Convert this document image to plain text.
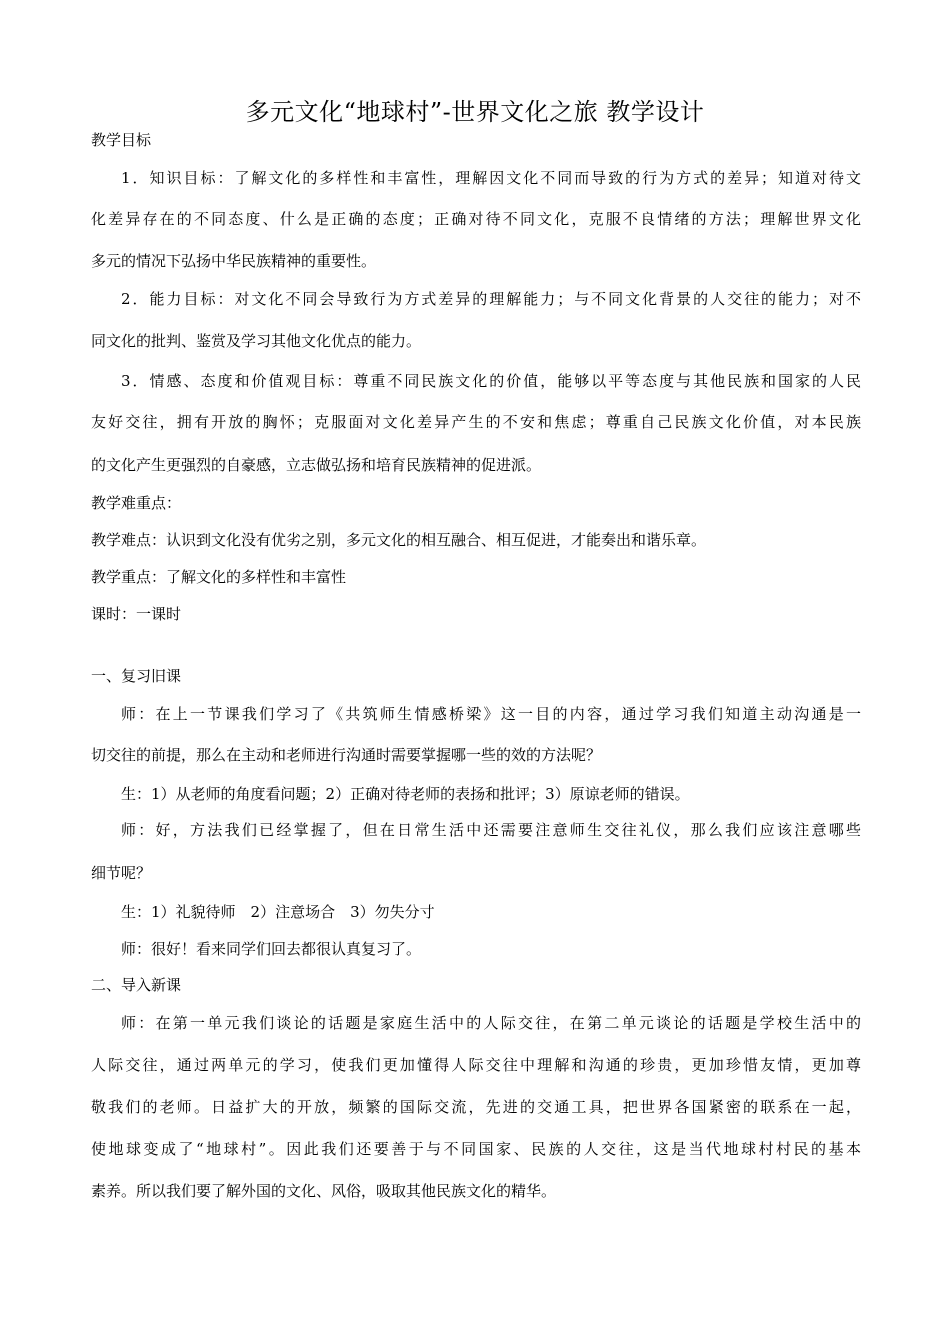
多元文化“地球村”-世界文化之旅 教学设计
教学目标
1．知识目标：了解文化的多样性和丰富性，理解因文化不同而导致的行为方式的差异；知道对待文
化差异存在的不同态度、什么是正确的态度；正确对待不同文化，克服不良情绪的方法；理解世界文化
多元的情况下弘扬中华民族精神的重要性。
2．能力目标：对文化不同会导致行为方式差异的理解能力；与不同文化背景的人交往的能力；对不
同文化的批判、鉴赏及学习其他文化优点的能力。
3．情感、态度和价值观目标：尊重不同民族文化的价值，能够以平等态度与其他民族和国家的人民
友好交往，拥有开放的胸怀；克服面对文化差异产生的不安和焦虑；尊重自己民族文化价值，对本民族
的文化产生更强烈的自豪感，立志做弘扬和培育民族精神的促进派。
教学难重点：
教学难点：认识到文化没有优劣之别，多元文化的相互融合、相互促进，才能奏出和谐乐章。
教学重点：了解文化的多样性和丰富性
课时：一课时
一、复习旧课
师：在上一节课我们学习了《共筑师生情感桥梁》这一目的内容，通过学习我们知道主动沟通是一
切交往的前提，那么在主动和老师进行沟通时需要掌握哪一些的效的方法呢？
生：1）从老师的角度看问题；2）正确对待老师的表扬和批评；3）原谅老师的错误。
师：好，方法我们已经掌握了，但在日常生活中还需要注意师生交往礼仪，那么我们应该注意哪些
细节呢？
生：1）礼貌待师　2）注意场合　3）勿失分寸
师：很好！看来同学们回去都很认真复习了。
二、导入新课
师：在第一单元我们谈论的话题是家庭生活中的人际交往，在第二单元谈论的话题是学校生活中的
人际交往，通过两单元的学习，使我们更加懂得人际交往中理解和沟通的珍贵，更加珍惜友情，更加尊
敬我们的老师。日益扩大的开放，频繁的国际交流，先进的交通工具，把世界各国紧密的联系在一起，
使地球变成了“地球村”。因此我们还要善于与不同国家、民族的人交往，这是当代地球村村民的基本
素养。所以我们要了解外国的文化、风俗，吸取其他民族文化的精华。
